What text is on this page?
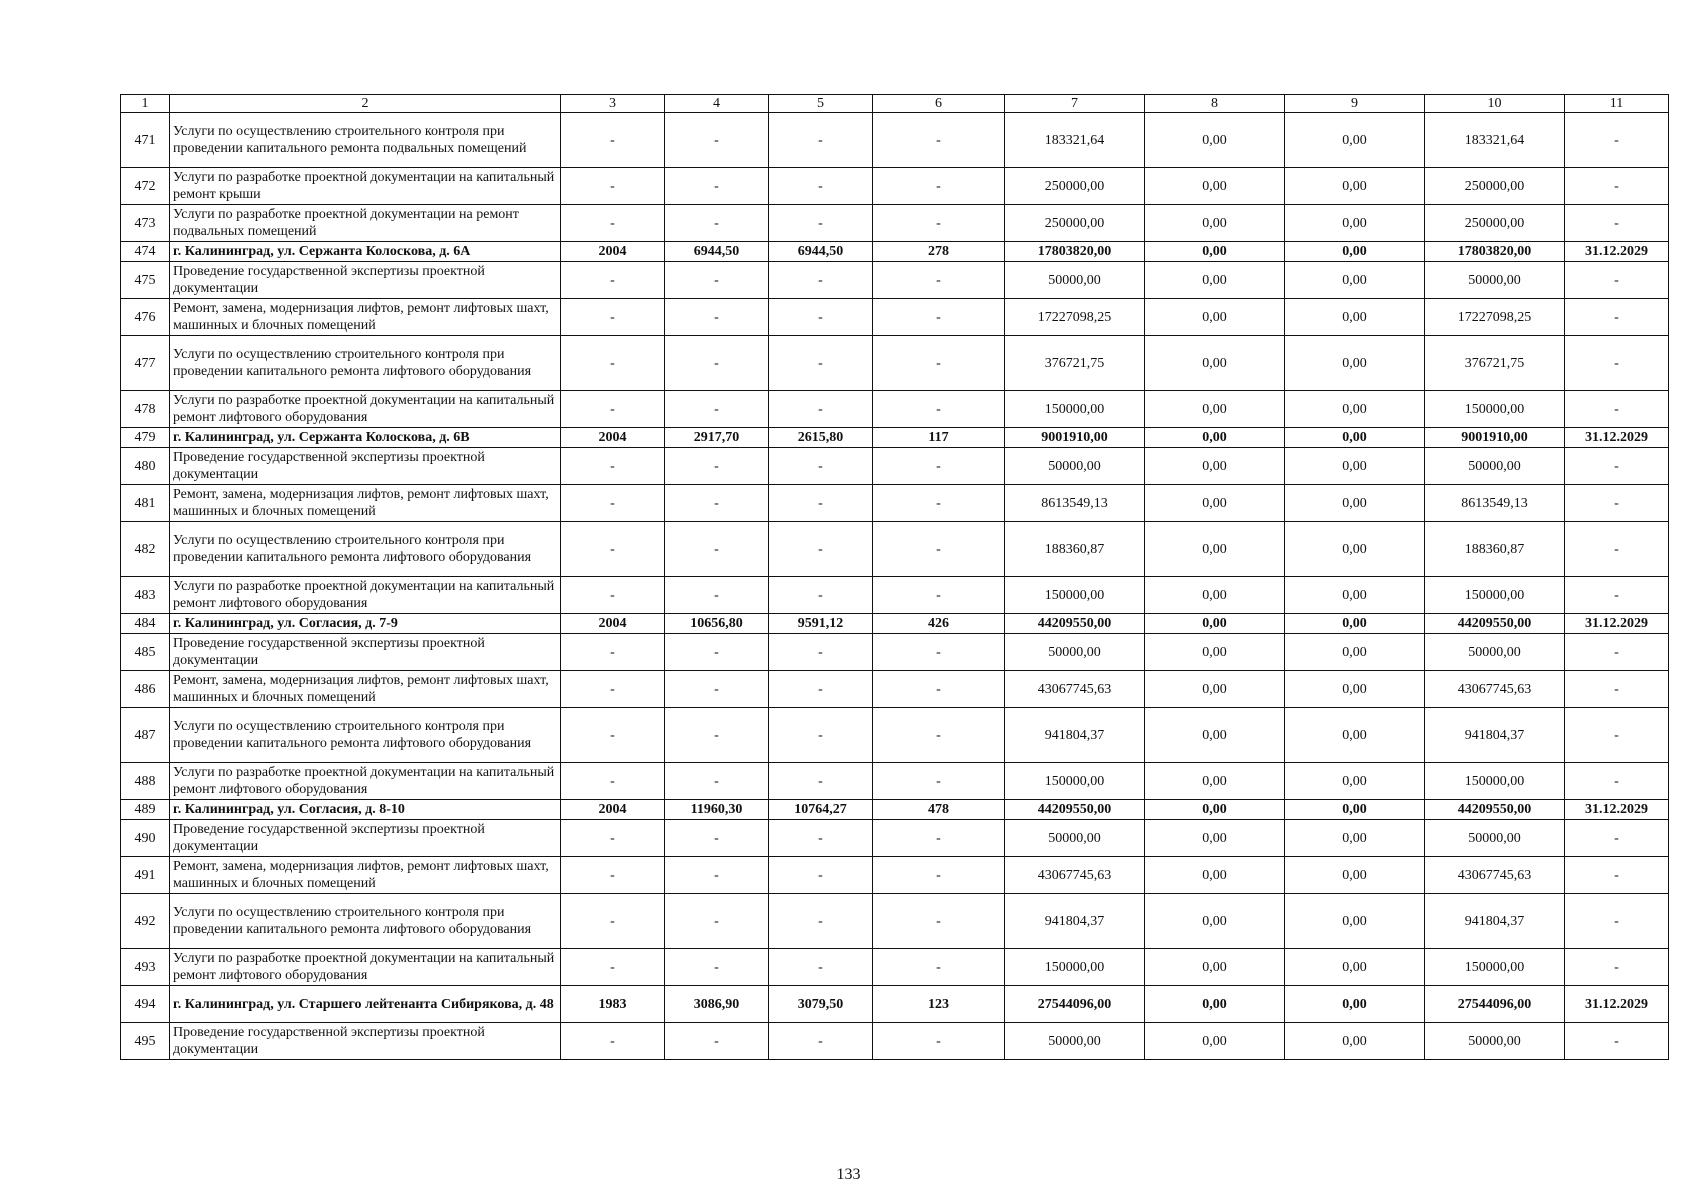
1	2	3	4	5	6	7	8	9	10	11
471	Услуги по осуществлению строительного контроля при проведении капитального ремонта подвальных помещений	-	-	-	-	183321,64	0,00	0,00	183321,64	-
472	Услуги по разработке проектной документации на капитальный ремонт крыши	-	-	-	-	250000,00	0,00	0,00	250000,00	-
473	Услуги по разработке проектной документации на ремонт подвальных помещений	-	-	-	-	250000,00	0,00	0,00	250000,00	-
474	г. Калининград, ул. Сержанта Колоскова, д. 6А	2004	6944,50	6944,50	278	17803820,00	0,00	0,00	17803820,00	31.12.2029
475	Проведение государственной экспертизы проектной документации	-	-	-	-	50000,00	0,00	0,00	50000,00	-
476	Ремонт, замена, модернизация лифтов, ремонт лифтовых шахт, машинных и блочных помещений	-	-	-	-	17227098,25	0,00	0,00	17227098,25	-
477	Услуги по осуществлению строительного контроля при проведении капитального ремонта лифтового оборудования	-	-	-	-	376721,75	0,00	0,00	376721,75	-
478	Услуги по разработке проектной документации на капитальный ремонт лифтового оборудования	-	-	-	-	150000,00	0,00	0,00	150000,00	-
479	г. Калининград, ул. Сержанта Колоскова, д. 6В	2004	2917,70	2615,80	117	9001910,00	0,00	0,00	9001910,00	31.12.2029
480	Проведение государственной экспертизы проектной документации	-	-	-	-	50000,00	0,00	0,00	50000,00	-
481	Ремонт, замена, модернизация лифтов, ремонт лифтовых шахт, машинных и блочных помещений	-	-	-	-	8613549,13	0,00	0,00	8613549,13	-
482	Услуги по осуществлению строительного контроля при проведении капитального ремонта лифтового оборудования	-	-	-	-	188360,87	0,00	0,00	188360,87	-
483	Услуги по разработке проектной документации на капитальный ремонт лифтового оборудования	-	-	-	-	150000,00	0,00	0,00	150000,00	-
484	г. Калининград, ул. Согласия, д. 7-9	2004	10656,80	9591,12	426	44209550,00	0,00	0,00	44209550,00	31.12.2029
485	Проведение государственной экспертизы проектной документации	-	-	-	-	50000,00	0,00	0,00	50000,00	-
486	Ремонт, замена, модернизация лифтов, ремонт лифтовых шахт, машинных и блочных помещений	-	-	-	-	43067745,63	0,00	0,00	43067745,63	-
487	Услуги по осуществлению строительного контроля при проведении капитального ремонта лифтового оборудования	-	-	-	-	941804,37	0,00	0,00	941804,37	-
488	Услуги по разработке проектной документации на капитальный ремонт лифтового оборудования	-	-	-	-	150000,00	0,00	0,00	150000,00	-
489	г. Калининград, ул. Согласия, д. 8-10	2004	11960,30	10764,27	478	44209550,00	0,00	0,00	44209550,00	31.12.2029
490	Проведение государственной экспертизы проектной документации	-	-	-	-	50000,00	0,00	0,00	50000,00	-
491	Ремонт, замена, модернизация лифтов, ремонт лифтовых шахт, машинных и блочных помещений	-	-	-	-	43067745,63	0,00	0,00	43067745,63	-
492	Услуги по осуществлению строительного контроля при проведении капитального ремонта лифтового оборудования	-	-	-	-	941804,37	0,00	0,00	941804,37	-
493	Услуги по разработке проектной документации на капитальный ремонт лифтового оборудования	-	-	-	-	150000,00	0,00	0,00	150000,00	-
494	г. Калининград, ул. Старшего лейтенанта Сибирякова, д. 48	1983	3086,90	3079,50	123	27544096,00	0,00	0,00	27544096,00	31.12.2029
495	Проведение государственной экспертизы проектной документации	-	-	-	-	50000,00	0,00	0,00	50000,00	-
133
